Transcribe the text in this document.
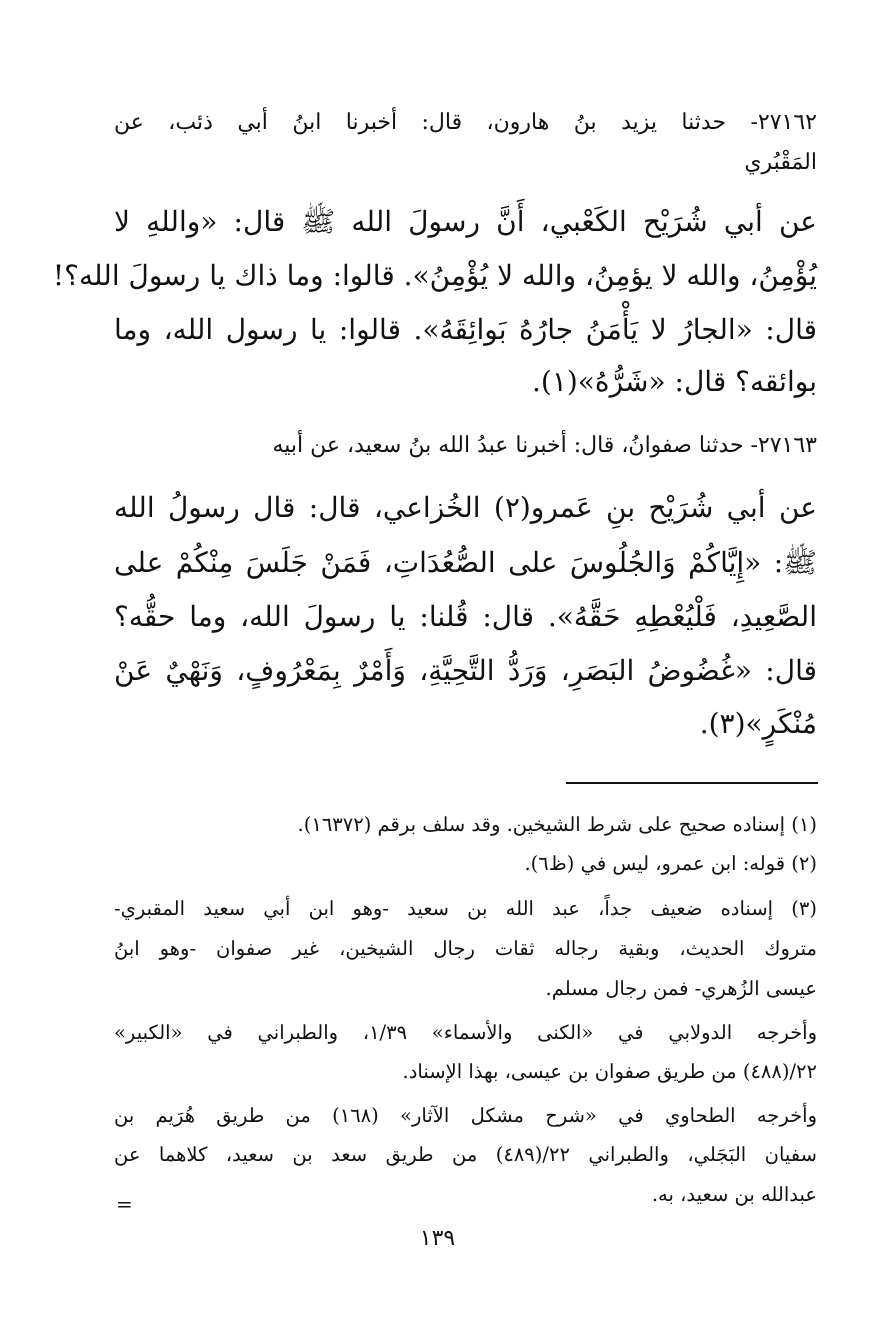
٢٧١٦٢- حدثنا يزيد بنُ هارون، قال: أخبرنا ابنُ أبي ذئب، عن
المَقْبُري
عن أبي شُرَيْح الكَعْبي، أَنَّ رسولَ الله ﷺ قال: «واللهِ لا
يُؤْمِنُ، والله لا يؤمِنُ، والله لا يُؤْمِنُ». قالوا: وما ذاك يا رسولَ الله؟!
قال: «الجارُ لا يَأْمَنُ جارُهُ بَوائِقَهُ». قالوا: يا رسول الله، وما
بوائقه؟ قال: «شَرُّهُ»(١).
٢٧١٦٣- حدثنا صفوانُ، قال: أخبرنا عبدُ الله بنُ سعيد، عن أبيه
عن أبي شُرَيْح بنِ عَمرو(٢) الخُزاعي، قال: قال رسولُ الله
ﷺ: «إِيَّاكُمْ وَالجُلُوسَ على الصُّعُدَاتِ، فَمَنْ جَلَسَ مِنْكُمْ على
الصَّعِيدِ، فَلْيُعْطِهِ حَقَّهُ». قال: قُلنا: يا رسولَ الله، وما حقُّه؟
قال: «غُضُوضُ البَصَرِ، وَرَدُّ التَّحِيَّةِ، وَأَمْرٌ بِمَعْرُوفٍ، وَنَهْيٌ عَنْ
مُنْكَرٍ»(٣).
(١) إسناده صحيح على شرط الشيخين. وقد سلف برقم (١٦٣٧٢).
(٢) قوله: ابن عمرو، ليس في (ظ٦).
(٣) إسناده ضعيف جداً، عبد الله بن سعيد -وهو ابن أبي سعيد المقبري-
متروك الحديث، وبقية رجاله ثقات رجال الشيخين، غير صفوان -وهو ابنُ
عيسى الزُهري- فمن رجال مسلم.
وأخرجه الدولابي في «الكنى والأسماء» ١/٣٩، والطبراني في «الكبير»
٢٢/(٤٨٨) من طريق صفوان بن عيسى، بهذا الإسناد.
وأخرجه الطحاوي في «شرح مشكل الآثار» (١٦٨) من طريق هُرَيم بن
سفيان البَجَلي، والطبراني ٢٢/(٤٨٩) من طريق سعد بن سعيد، كلاهما عن
عبدالله بن سعيد، به.
=
١٣٩
